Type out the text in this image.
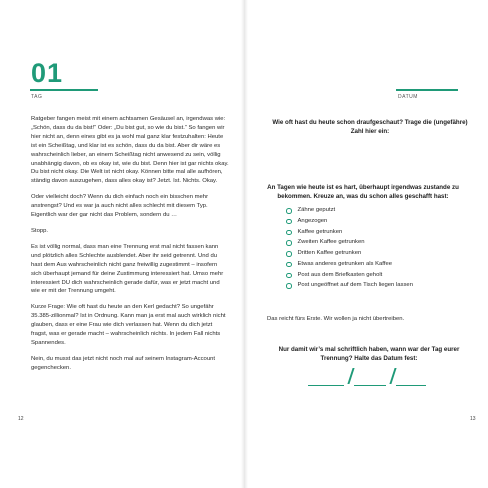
01
TAG

Ratgeber fangen meist mit einem achtsamen Gesäusel an, irgendwas wie: „Schön, dass du da bist!“ Oder: „Du bist gut, so wie du bist.“ So fangen wir hier nicht an, denn eines gibt es ja wohl mal ganz klar festzuhalten: Heute ist ein Scheißtag, und klar ist es schön, dass du da bist. Aber dir wäre es wahrscheinlich lieber, an einem Scheißtag nicht anwesend zu sein, völlig unabhängig davon, ob es okay ist, wie du bist. Denn hier ist gar nichts okay. Du bist nicht okay. Die Welt ist nicht okay. Können bitte mal alle aufhören, ständig davon auszugehen, dass alles okay ist? Jetzt. Ist. Nichts. Okay.

Oder vielleicht doch? Wenn du dich einfach noch ein bisschen mehr anstrengst? Und es war ja auch nicht alles schlecht mit diesem Typ. Eigentlich war der gar nicht das Problem, sondern du …

Stopp.

Es ist völlig normal, dass man eine Trennung erst mal nicht fassen kann und plötzlich alles Schlechte ausblendet. Aber ihr seid getrennt. Und du hast dem Aus wahrscheinlich nicht ganz freiwillig zugestimmt – insofern sich überhaupt jemand für deine Zustimmung interessiert hat. Umso mehr interessiert DU dich wahrscheinlich gerade dafür, was er jetzt macht und wie er mit der Trennung umgeht.

Kurze Frage: Wie oft hast du heute an den Kerl gedacht? So ungefähr 35.385-zillionmal? Ist in Ordnung. Kann man ja erst mal auch wirklich nicht glauben, dass er eine Frau wie dich verlassen hat. Wenn du dich jetzt fragst, was er gerade macht – wahrscheinlich nichts. In jedem Fall nichts Spannendes.

Nein, du musst das jetzt nicht noch mal auf seinem Instagram-Account gegenchecken.

12
DATUM
Wie oft hast du heute schon draufgeschaut? Trage die (ungefähre) Zahl hier ein:
An Tagen wie heute ist es hart, überhaupt irgendwas zustande zu bekommen. Kreuze an, was du schon alles geschafft hast:
Zähne geputzt
Angezogen
Kaffee getrunken
Zweiten Kaffee getrunken
Dritten Kaffee getrunken
Etwas anderes getrunken als Kaffee
Post aus dem Briefkasten geholt
Post ungeöffnet auf dem Tisch liegen lassen
Das reicht fürs Erste. Wir wollen ja nicht übertreiben.
Nur damit wir’s mal schriftlich haben, wann war der Tag eurer Trennung? Halte das Datum fest:
13
